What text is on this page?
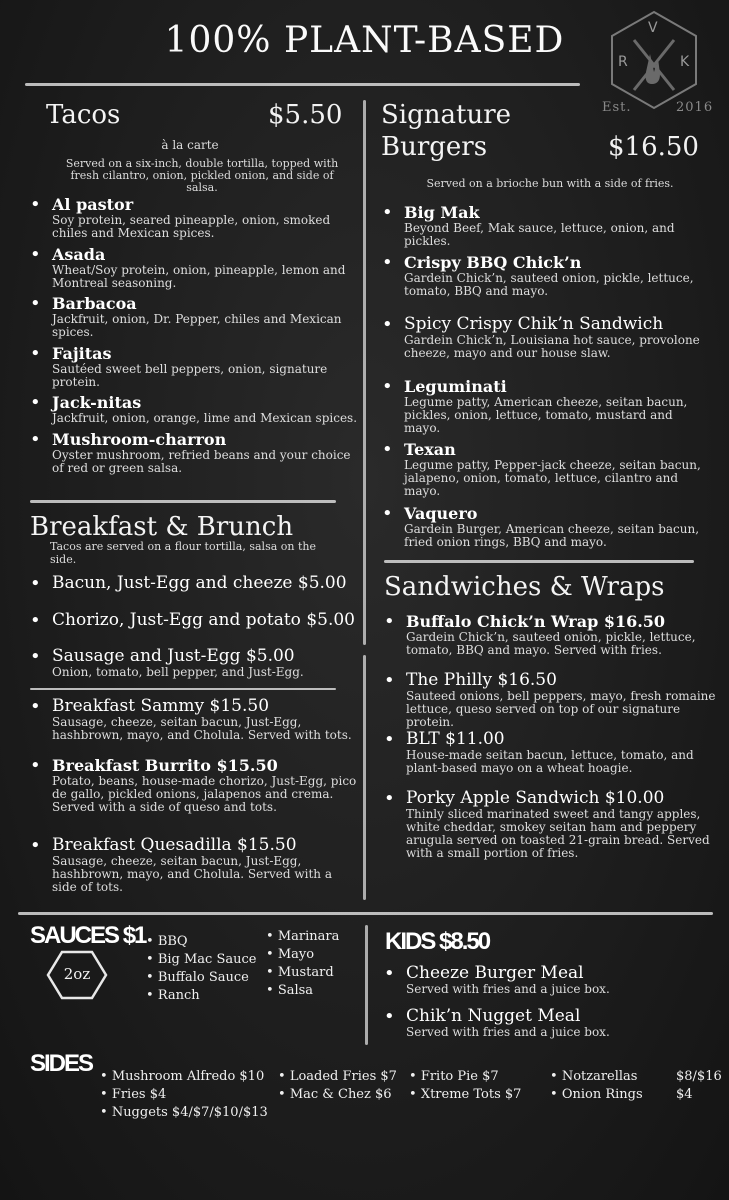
100% PLANT-BASED	V
R	K
Est.	2016
Tacos	$5.50
à la carte
Served on a six-inch, double tortilla, topped with fresh cilantro, onion, pickled onion, and side of salsa.
• Al pastor
Soy protein, seared pineapple, onion, smoked chiles and Mexican spices.
• Asada
Wheat/Soy protein, onion, pineapple, lemon and Montreal seasoning.
• Barbacoa
Jackfruit, onion, Dr. Pepper, chiles and Mexican spices.
• Fajitas
Sautéed sweet bell peppers, onion, signature protein.
• Jack-nitas
Jackfruit, onion, orange, lime and Mexican spices.
• Mushroom-charron
Oyster mushroom, refried beans and your choice of red or green salsa.
Signature
Burgers	$16.50
Served on a brioche bun with a side of fries.
• Big Mak
Beyond Beef, Mak sauce, lettuce, onion, and pickles.
• Crispy BBQ Chick’n
Gardein Chick’n, sauteed onion, pickle, lettuce, tomato, BBQ and mayo.
• Spicy Crispy Chik’n Sandwich
Gardein Chick’n, Louisiana hot sauce, provolone cheeze, mayo and our house slaw.
• Leguminati
Legume patty, American cheeze, seitan bacun, pickles, onion, lettuce, tomato, mustard and mayo.
• Texan
Legume patty, Pepper-jack cheeze, seitan bacun, jalapeno, onion, tomato, lettuce, cilantro and mayo.
• Vaquero
Gardein Burger, American cheeze, seitan bacun, fried onion rings, BBQ and mayo.
Breakfast & Brunch
Tacos are served on a flour tortilla, salsa on the side.
• Bacun, Just-Egg and cheeze $5.00
• Chorizo, Just-Egg and potato $5.00
• Sausage and Just-Egg $5.00
Onion, tomato, bell pepper, and Just-Egg.
• Breakfast Sammy $15.50
Sausage, cheeze, seitan bacun, Just-Egg, hashbrown, mayo, and Cholula. Served with tots.
• Breakfast Burrito $15.50
Potato, beans, house-made chorizo, Just-Egg, pico de gallo, pickled onions, jalapenos and crema. Served with a side of queso and tots.
• Breakfast Quesadilla $15.50
Sausage, cheeze, seitan bacun, Just-Egg, hashbrown, mayo, and Cholula. Served with a side of tots.
Sandwiches & Wraps
• Buffalo Chick’n Wrap $16.50
Gardein Chick’n, sauteed onion, pickle, lettuce, tomato, BBQ and mayo. Served with fries.
• The Philly $16.50
Sauteed onions, bell peppers, mayo, fresh romaine lettuce, queso served on top of our signature protein.
• BLT $11.00
House-made seitan bacun, lettuce, tomato, and plant-based mayo on a wheat hoagie.
• Porky Apple Sandwich $10.00
Thinly sliced marinated sweet and tangy apples, white cheddar, smokey seitan ham and peppery arugula served on toasted 21-grain bread. Served with a small portion of fries.
SAUCES $1
2oz
• BBQ
• Big Mac Sauce
• Buffalo Sauce
• Ranch
• Marinara
• Mayo
• Mustard
• Salsa
KIDS $8.50
• Cheeze Burger Meal
Served with fries and a juice box.
• Chik’n Nugget Meal
Served with fries and a juice box.
SIDES • Mushroom Alfredo $10
• Fries $4
• Nuggets $4/$7/$10/$13
• Loaded Fries $7
• Mac & Chez $6
• Frito Pie $7
• Xtreme Tots $7
• Notzarellas
• Onion Rings
$8/$16
$4
